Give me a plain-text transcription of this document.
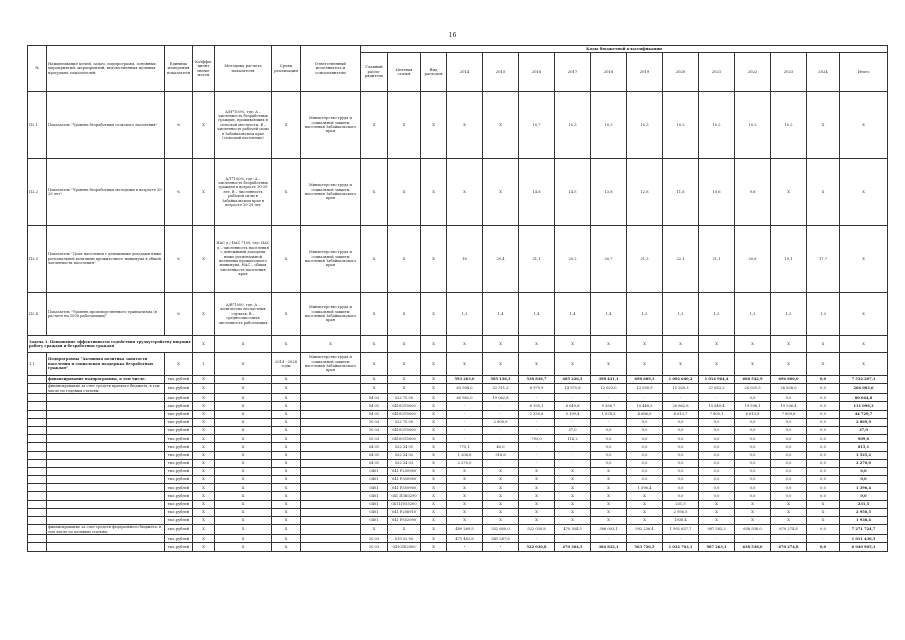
16
№	Наименование целей, задач, подпрограмм, основных мероприятий, мероприятий, ведомственных целевых программ, показателей	Единица измерения показателя	Коэффи-циент значи-мости	Методика расчета показателя	Сроки реализации	Ответственный исполнитель и соисполнители	Коды бюджетной классификации														
							Главный распо-рядитель	Целевая статья	Вид расходов	2014	2015	2016	2017	2018	2019	2020	2021	2022	2023	2024	Итого
П2.1	Показатель "Уровень безработицы сельского населения"	%	Х	А/Н*100%, где: А – численность безработных граждан, проживающих в сельской местности, В – численность рабочей силы в Забайкальском крае (сельский население)	Х	Министерство труда и социальной защиты населения Забайкальского края	Х	Х	Х	Х	Х	10,7	10,3	10,3	10,3	10,2	10,2	10,2	10,2	Х	Х
П2.2	Показатель "Уровень безработицы молодежи в возрасте 20-29 лет"	%	Х	А/Т*100%, где: А – численность безработных граждан в возрасте 20-29 лет, В – численность рабочей силы в Забайкальском крае в возрасте 20-29 лет	Х	Министерство труда и социальной защиты населения Забайкальского края	Х	Х	Х	Х	Х	14,8	14,5	13,8	12,8	11,6	10,6	9,6	Х	Х	Х
П2.3	Показатель "Доля населения с денежными доходами ниже региональной величины прожиточного минимума в общей численности населения"	%	Х	НАС д / НАС *100, где: НАС д – численность населения с денежными доходами ниже региональной величины прожиточного минимума, НАС – общая численность населения края	Х	Министерство труда и социальной защиты населения Забайкальского края	Х	Х	Х	18	20,4	21,1	20,2	20,7	21,5	22,1	21,1	20,6	19,1	17,7	Х
П2.4	Показатель "Уровень производственного травматизма (в расчете на 1000 работающих)"	%	Х	А/В*1000, где: А – количество несчастных случаев, В – среднесписочная численность работающих	Х	Министерство труда и социальной защиты населения Забайкальского края	Х	Х	Х	1,3	1,4	1,4	1,4	1,4	1,3	1,3	1,3	1,3	1,3	1,3	Х
Задача 1. Повышение эффективности содействия трудоустройству ищущих работу граждан и безработных граждан			Х	Х	Х	Х	Х	Х	Х	Х	Х	Х	Х	Х	Х	Х	Х	Х	Х	Х	Х
1.1	Подпрограмма "Активная политика занятости населения и социальная поддержка безработных граждан"	Х	1	Х	2014 - 2024 годы	Министерство труда и социальной защиты населения Забайкальского края	Х	Х	Х	Х	Х	Х	Х	Х	Х	Х	Х	Х	Х	Х	Х
	финансирование подпрограммы, в том числе:	тыс.рублей	Х	Х	Х		Х	Х	Х	593 263,0	585 136,3	538 836,7	485 226,5	398 431,1	698 689,3	1 002 640,2	1 014 964,4	668 542,9	696 800,0	0,0	7 532 207,3
	финансирование за счет средств краевого бюджета, в том числе по годовым статьям:	тыс.рублей	Х	Х	Х		Х	Х	Х	63 994,0	32 311,3	8 979,9	14 975,8	12 623,0	13 590,9	15 209,3	27 653,2	20 025,9	26 838,0	0,0	266 003,6
		тыс.рублей	Х	Х	Х		04 03	522 75 00	Х	60 982,0	19 062,8	-	-	-	-	-	-	0,0	0,0	0,0	80 044,8
		тыс.рублей	Х	Х	Х		04 01	04100Л5000	Х	-	-	6 195,1	8 049,8	9 556,7	10 448,5	20 862,8	15 849,4	19 598,1	19 536,4	0,0	111 099,3
		тыс.рублей	Х	Х	Х		04 01	04100Л5000	Х	-	-	2 330,8	5 199,4	1 674,3	4 686,0	4 613,7	7 805,1	6 613,8	7 859,6	0,0	44 729,7
		тыс.рублей	Х	Х	Х		10 03	522 75 00	Х	-	2 809,9	-	-	-	0,0	0,0	0,0	0,0	0,0	0,0	2 869,9
		тыс.рублей	Х	Х	Х		10 03	04100Л5000	Х	-	-	-	37,0	0,0	0,0	0,0	0,0	0,0	0,0	0,0	37,0
		тыс.рублей	Х	Х	Х		10 03	04100Л5000	Х	-	-	793,0	116,2	0,0	0,0	0,0	0,0	0,0	0,0	0,0	909,0
		тыс.рублей	Х	Х	Х		04 01	522 24 01	Х	775,1	40,0	-	-	0,0	0,0	0,0	0,0	0,0	0,0	0,0	815,1
		тыс.рублей	Х	Х	Х		04 01	522 24 02	Х	1 206,6	318,6	-	-	0,0	0,0	0,0	0,0	0,0	0,0	0,0	1 525,2
		тыс.рублей	Х	Х	Х		04 01	522 24 03	Х	2 270,0	-	-	-	0,0	0,0	0,0	0,0	0,0	0,0	0,0	2 270,0
		тыс.рублей	Х	Х	Х		0401	041 Р250960	Х	Х	Х	Х	Х	Х	0,0	0,0	0,0	0,0	0,0	0,0	0,0
		тыс.рублей	Х	Х	Х		0401	041 Р350960	Х	Х	Х	Х	Х	Х	0,0	0,0	0,0	0,0	0,0	0,0	0,0
		тыс.рублей	Х	Х	Х		0401	041 Р350960	Х	Х	Х	Х	Х	Х	1 396,4	0,0	0,0	0,0	0,0	0,0	1 396,4
		тыс.рублей	Х	Х	Х		0401	041 П3К0290	Х	Х	Х	Х	Х	Х	Х	0,0	0,0	0,0	0,0	0,0	0,0
		тыс.рублей	Х	Х	Х		0401	0411Г055200	Х	Х	Х	Х	Х	Х	Х	231,5	Х	Х	Х	Х	231,5
		тыс.рублей	Х	Х	Х		0401	041 Р256910	Х	Х	Х	Х	Х	Х	Х	2 956,5	Х	Х	Х	Х	2 956,5
		тыс.рублей	Х	Х	Х		0401	041 Р552990	Х	Х	Х	Х	Х	Х	Х	1938,4	Х	Х	Х	Х	1 938,4
	финансирование за счет средств федерального бюджета, в том числе по целевым статьям:	тыс.рублей	Х	Х	Х		Х	Х	Х	489 269,5	552 600,0	522 030,8	470 304,5	386 003,1	592 236,4	1 992 637,7	987 283,2	638 538,0	670 274,8	0,0	7 271 724,7
		тыс.рублей	Х	Х	Х		10 03	519 52 90	Х	471 482,8	541 247,6	-	-	-	-	-	-	-	-	-	1 011 430,5
		тыс.рублей	Х	Х	Х		10 03	04103S2900	Х	-	-	522 030,8	470 304,5	384 832,1	563 720,5	1 032 703,1	987 263,1	638 538,0	670 274,8	0,0	6 040 905,3
